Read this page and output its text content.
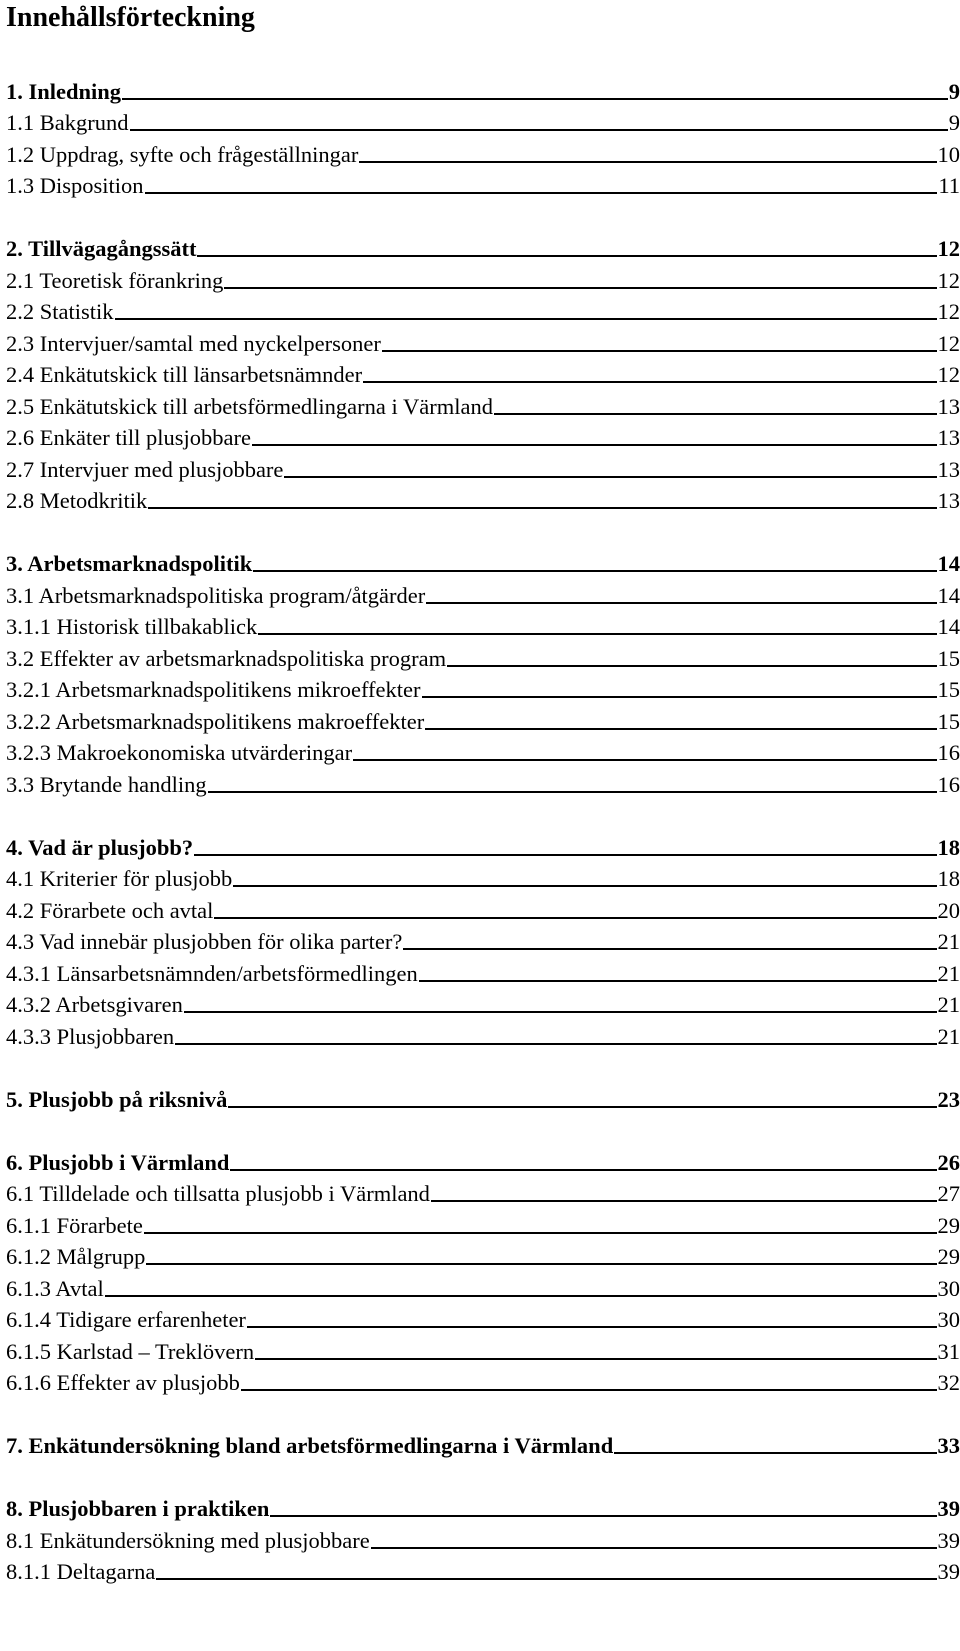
Innehållsförteckning
1. Inledning	9
1.1 Bakgrund	9
1.2 Uppdrag, syfte och frågeställningar	10
1.3 Disposition	11
2. Tillvägagångssätt	12
2.1 Teoretisk förankring	12
2.2 Statistik	12
2.3 Intervjuer/samtal med nyckelpersoner	12
2.4 Enkätutskick till länsarbetsnämnder	12
2.5 Enkätutskick till arbetsförmedlingarna i Värmland	13
2.6 Enkäter till plusjobbare	13
2.7 Intervjuer med plusjobbare	13
2.8 Metodkritik	13
3. Arbetsmarknadspolitik	14
3.1 Arbetsmarknadspolitiska program/åtgärder	14
3.1.1 Historisk tillbakablick	14
3.2 Effekter av arbetsmarknadspolitiska program	15
3.2.1 Arbetsmarknadspolitikens mikroeffekter	15
3.2.2 Arbetsmarknadspolitikens makroeffekter	15
3.2.3 Makroekonomiska utvärderingar	16
3.3 Brytande handling	16
4. Vad är plusjobb?	18
4.1 Kriterier för plusjobb	18
4.2 Förarbete och avtal	20
4.3 Vad innebär plusjobben för olika parter?	21
4.3.1 Länsarbetsnämnden/arbetsförmedlingen	21
4.3.2 Arbetsgivaren	21
4.3.3 Plusjobbaren	21
5. Plusjobb på riksnivå	23
6. Plusjobb i Värmland	26
6.1 Tilldelade och tillsatta plusjobb i Värmland	27
6.1.1 Förarbete	29
6.1.2 Målgrupp	29
6.1.3 Avtal	30
6.1.4 Tidigare erfarenheter	30
6.1.5 Karlstad – Treklövern	31
6.1.6 Effekter av plusjobb	32
7. Enkätundersökning bland arbetsförmedlingarna i Värmland	33
8. Plusjobbaren i praktiken	39
8.1 Enkätundersökning med plusjobbare	39
8.1.1 Deltagarna	39
